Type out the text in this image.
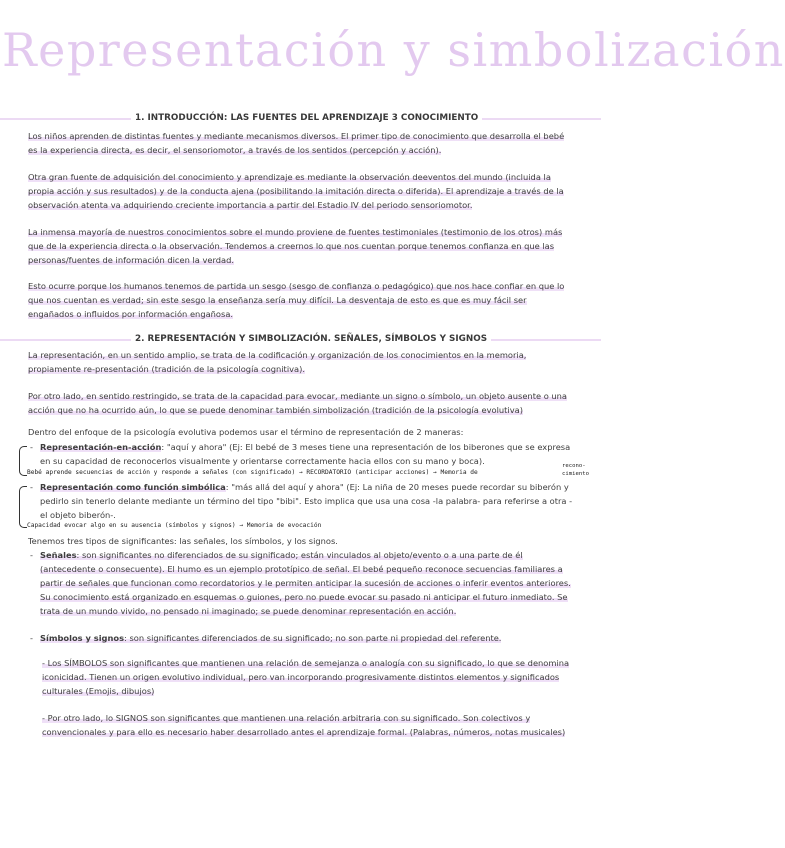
Representación y simbolización
1. INTRODUCCIÓN: LAS FUENTES DEL APRENDIZAJE 3 CONOCIMIENTO
Los niños aprenden de distintas fuentes y mediante mecanismos diversos. El primer tipo de conocimiento que desarrolla el bebé es la experiencia directa, es decir, el sensoriomotor, a través de los sentidos (percepción y acción).
Otra gran fuente de adquisición del conocimiento y aprendizaje es mediante la observación deeventos del mundo (incluida la propia acción y sus resultados) y de la conducta ajena (posibilitando la imitación directa o diferida). El aprendizaje a través de la observación atenta va adquiriendo creciente importancia a partir del Estadio IV del periodo sensoriomotor.
La inmensa mayoría de nuestros conocimientos sobre el mundo proviene de fuentes testimoniales (testimonio de los otros) más que de la experiencia directa o la observación. Tendemos a creernos lo que nos cuentan porque tenemos confianza en que las personas/fuentes de información dicen la verdad.
Esto ocurre porque los humanos tenemos de partida un sesgo (sesgo de confianza o pedagógico) que nos hace confiar en que lo que nos cuentan es verdad; sin este sesgo la enseñanza sería muy difícil. La desventaja de esto es que es muy fácil ser engañados o influidos por información engañosa.
2. REPRESENTACIÓN Y SIMBOLIZACIÓN. SEÑALES, SÍMBOLOS Y SIGNOS
La representación, en un sentido amplio, se trata de la codificación y organización de los conocimientos en la memoria, propiamente re-presentación (tradición de la psicología cognitiva).
Por otro lado, en sentido restringido, se trata de la capacidad para evocar, mediante un signo o símbolo, un objeto ausente o una acción que no ha ocurrido aún, lo que se puede denominar también simbolización (tradición de la psicología evolutiva)
Dentro del enfoque de la psicología evolutiva podemos usar el término de representación de 2 maneras:
- Representación-en-acción: "aquí y ahora" (Ej: El bebé de 3 meses tiene una representación de los biberones que se expresa en su capacidad de reconocerlos visualmente y orientarse correctamente hacia ellos con su mano y boca).
Bebé aprende secuencias de acción y responde a señales (con significado) → RECORDATORIO (anticipar acciones) → Memoria de
recono-
cimiento
- Representación como función simbólica: "más allá del aquí y ahora" (Ej: La niña de 20 meses puede recordar su biberón y pedirlo sin tenerlo delante mediante un término del tipo "bibi". Esto implica que usa una cosa -la palabra- para referirse a otra -el objeto biberón-.
Capacidad evocar algo en su ausencia (símbolos y signos) → Memoria de evocación
Tenemos tres tipos de significantes: las señales, los símbolos, y los signos.
- Señales: son significantes no diferenciados de su significado; están vinculados al objeto/evento o a una parte de él (antecedente o consecuente). El humo es un ejemplo prototípico de señal. El bebé pequeño reconoce secuencias familiares a partir de señales que funcionan como recordatorios y le permiten anticipar la sucesión de acciones o inferir eventos anteriores. Su conocimiento está organizado en esquemas o guiones, pero no puede evocar su pasado ni anticipar el futuro inmediato. Se trata de un mundo vivido, no pensado ni imaginado; se puede denominar representación en acción.
- Símbolos y signos: son significantes diferenciados de su significado; no son parte ni propiedad del referente.
- Los SÍMBOLOS son significantes que mantienen una relación de semejanza o analogía con su significado, lo que se denomina iconicidad. Tienen un origen evolutivo individual, pero van incorporando progresivamente distintos elementos y significados culturales (Emojis, dibujos)
- Por otro lado, lo SIGNOS son significantes que mantienen una relación arbitraria con su significado. Son colectivos y convencionales y para ello es necesario haber desarrollado antes el aprendizaje formal. (Palabras, números, notas musicales)
